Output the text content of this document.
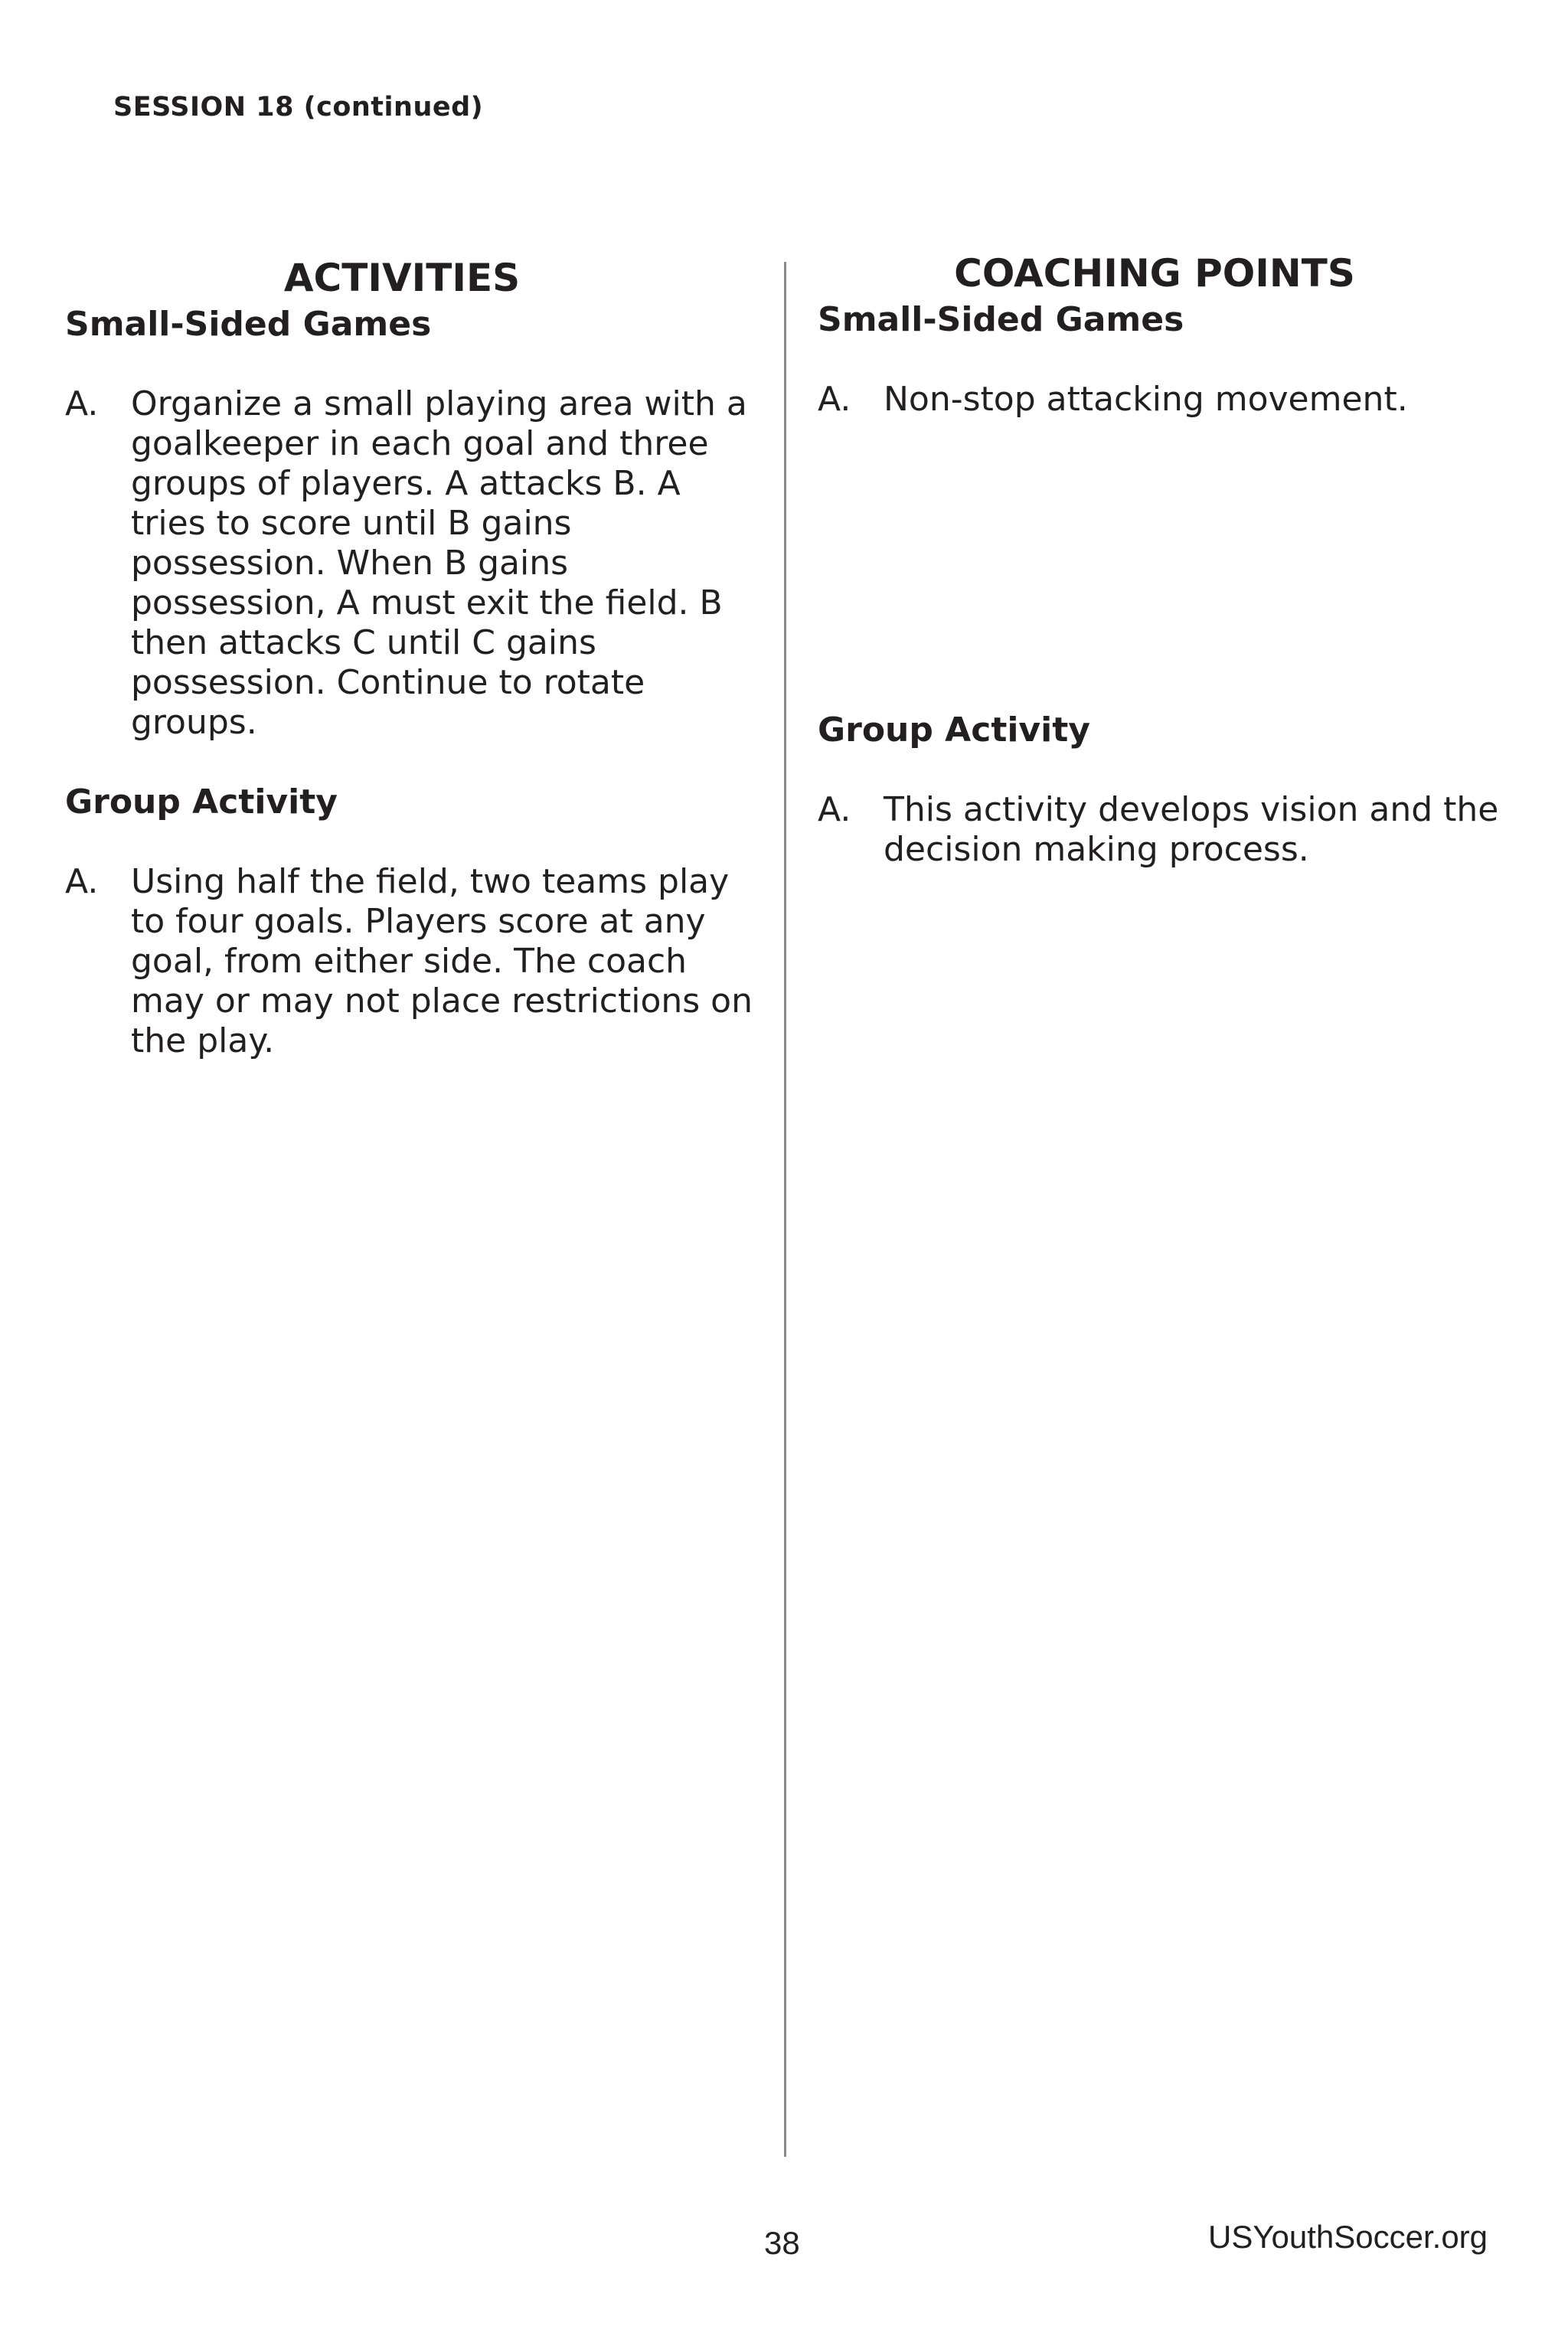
SESSION 18 (continued)
ACTIVITIES
Small-Sided Games
A. Organize a small playing area with a goalkeeper in each goal and three groups of players. A attacks B. A tries to score until B gains possession. When B gains possession, A must exit the field. B then attacks C until C gains possession. Continue to rotate groups.
Group Activity
A. Using half the field, two teams play to four goals. Players score at any goal, from either side. The coach may or may not place restrictions on the play.
COACHING POINTS
Small-Sided Games
A. Non-stop attacking movement.
Group Activity
A. This activity develops vision and the decision making process.
38	USYouthSoccer.org
